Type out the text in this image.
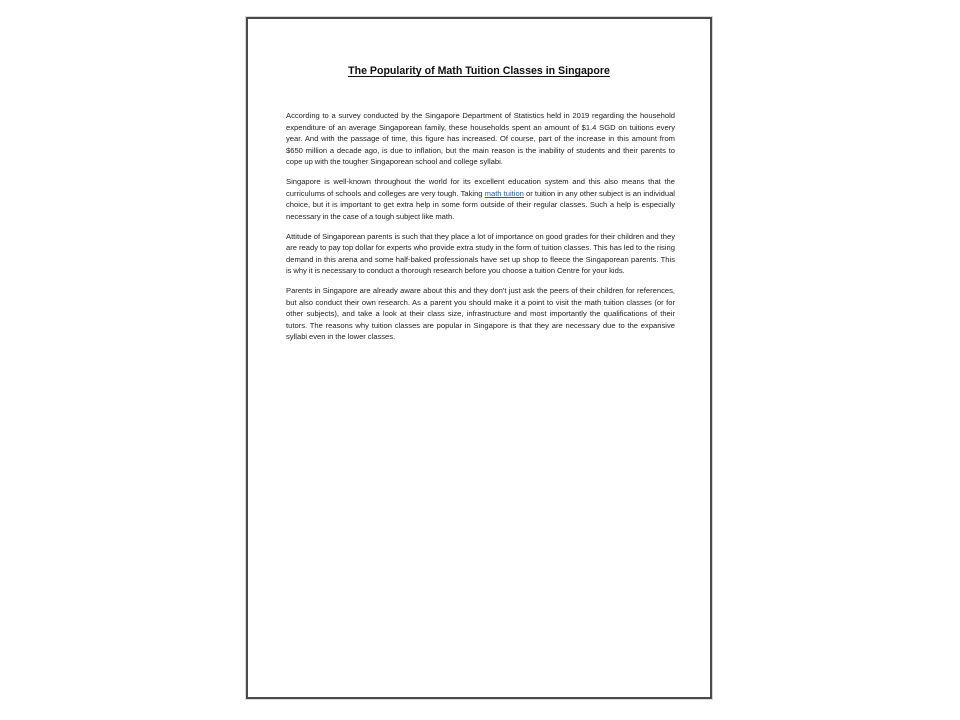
The Popularity of Math Tuition Classes in Singapore

According to a survey conducted by the Singapore Department of Statistics held in 2019 regarding the household expenditure of an average Singaporean family, these households spent an amount of $1.4 SGD on tuitions every year. And with the passage of time, this figure has increased. Of course, part of the increase in this amount from $650 million a decade ago, is due to inflation, but the main reason is the inability of students and their parents to cope up with the tougher Singaporean school and college syllabi.

Singapore is well-known throughout the world for its excellent education system and this also means that the curriculums of schools and colleges are very tough. Taking math tuition or tuition in any other subject is an individual choice, but it is important to get extra help in some form outside of their regular classes. Such a help is especially necessary in the case of a tough subject like math.

Attitude of Singaporean parents is such that they place a lot of importance on good grades for their children and they are ready to pay top dollar for experts who provide extra study in the form of tuition classes. This has led to the rising demand in this arena and some half-baked professionals have set up shop to fleece the Singaporean parents. This is why it is necessary to conduct a thorough research before you choose a tuition Centre for your kids.

Parents in Singapore are already aware about this and they don't just ask the peers of their children for references, but also conduct their own research. As a parent you should make it a point to visit the math tuition classes (or for other subjects), and take a look at their class size, infrastructure and most importantly the qualifications of their tutors. The reasons why tuition classes are popular in Singapore is that they are necessary due to the expansive syllabi even in the lower classes.
